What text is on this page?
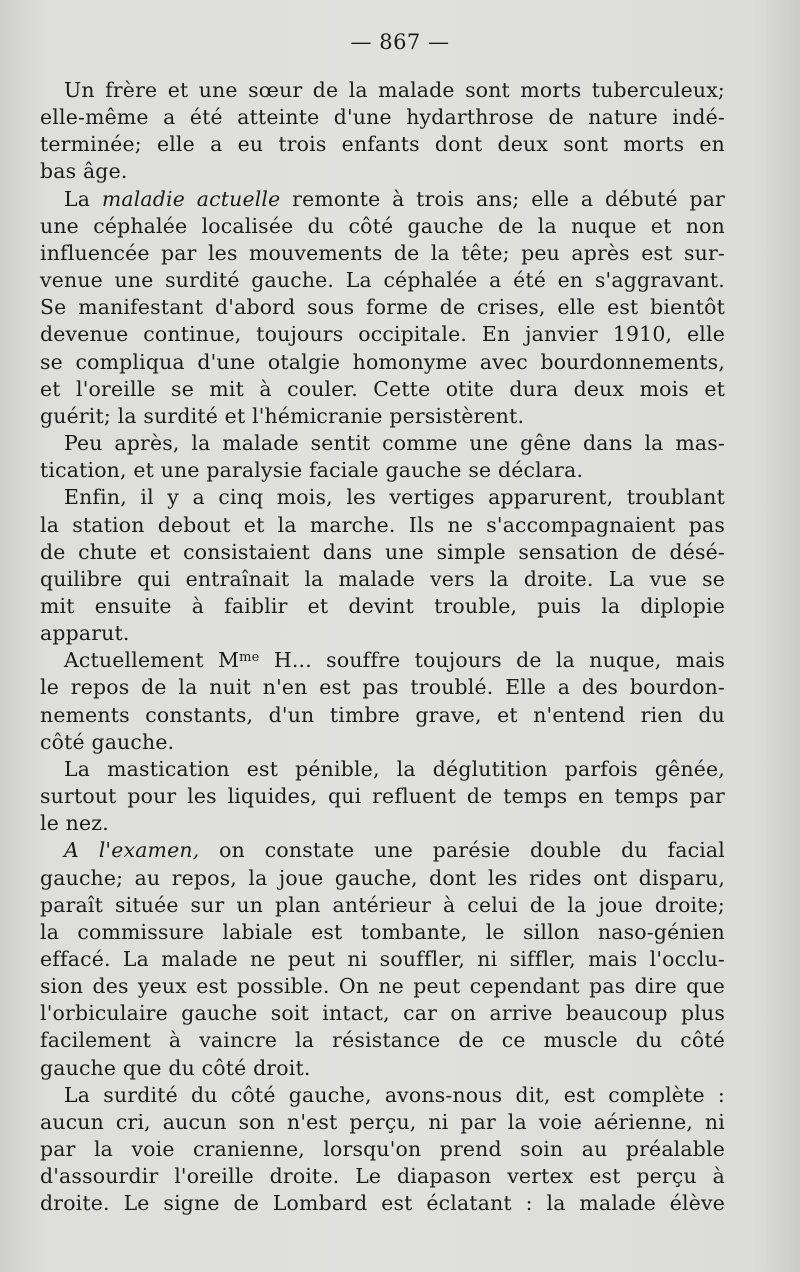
— 867 —
Un frère et une sœur de la malade sont morts tuberculeux;
elle-même a été atteinte d'une hydarthrose de nature indé-
terminée; elle a eu trois enfants dont deux sont morts en
bas âge.
La maladie actuelle remonte à trois ans; elle a débuté par
une céphalée localisée du côté gauche de la nuque et non
influencée par les mouvements de la tête; peu après est sur-
venue une surdité gauche. La céphalée a été en s'aggravant.
Se manifestant d'abord sous forme de crises, elle est bientôt
devenue continue, toujours occipitale. En janvier 1910, elle
se compliqua d'une otalgie homonyme avec bourdonnements,
et l'oreille se mit à couler. Cette otite dura deux mois et
guérit; la surdité et l'hémicranie persistèrent.
Peu après, la malade sentit comme une gêne dans la mas-
tication, et une paralysie faciale gauche se déclara.
Enfin, il y a cinq mois, les vertiges apparurent, troublant
la station debout et la marche. Ils ne s'accompagnaient pas
de chute et consistaient dans une simple sensation de désé-
quilibre qui entraînait la malade vers la droite. La vue se
mit ensuite à faiblir et devint trouble, puis la diplopie
apparut.
Actuellement $M^{me}$ H... souffre toujours de la nuque, mais
le repos de la nuit n'en est pas troublé. Elle a des bourdon-
nements constants, d'un timbre grave, et n'entend rien du
côté gauche.
La mastication est pénible, la déglutition parfois gênée,
surtout pour les liquides, qui refluent de temps en temps par
le nez.
A l'examen, on constate une parésie double du facial
gauche; au repos, la joue gauche, dont les rides ont disparu,
paraît située sur un plan antérieur à celui de la joue droite;
la commissure labiale est tombante, le sillon naso-génien
effacé. La malade ne peut ni souffler, ni siffler, mais l'occlu-
sion des yeux est possible. On ne peut cependant pas dire que
l'orbiculaire gauche soit intact, car on arrive beaucoup plus
facilement à vaincre la résistance de ce muscle du côté
gauche que du côté droit.
La surdité du côté gauche, avons-nous dit, est complète :
aucun cri, aucun son n'est perçu, ni par la voie aérienne, ni
par la voie cranienne, lorsqu'on prend soin au préalable
d'assourdir l'oreille droite. Le diapason vertex est perçu à
droite. Le signe de Lombard est éclatant : la malade élève
